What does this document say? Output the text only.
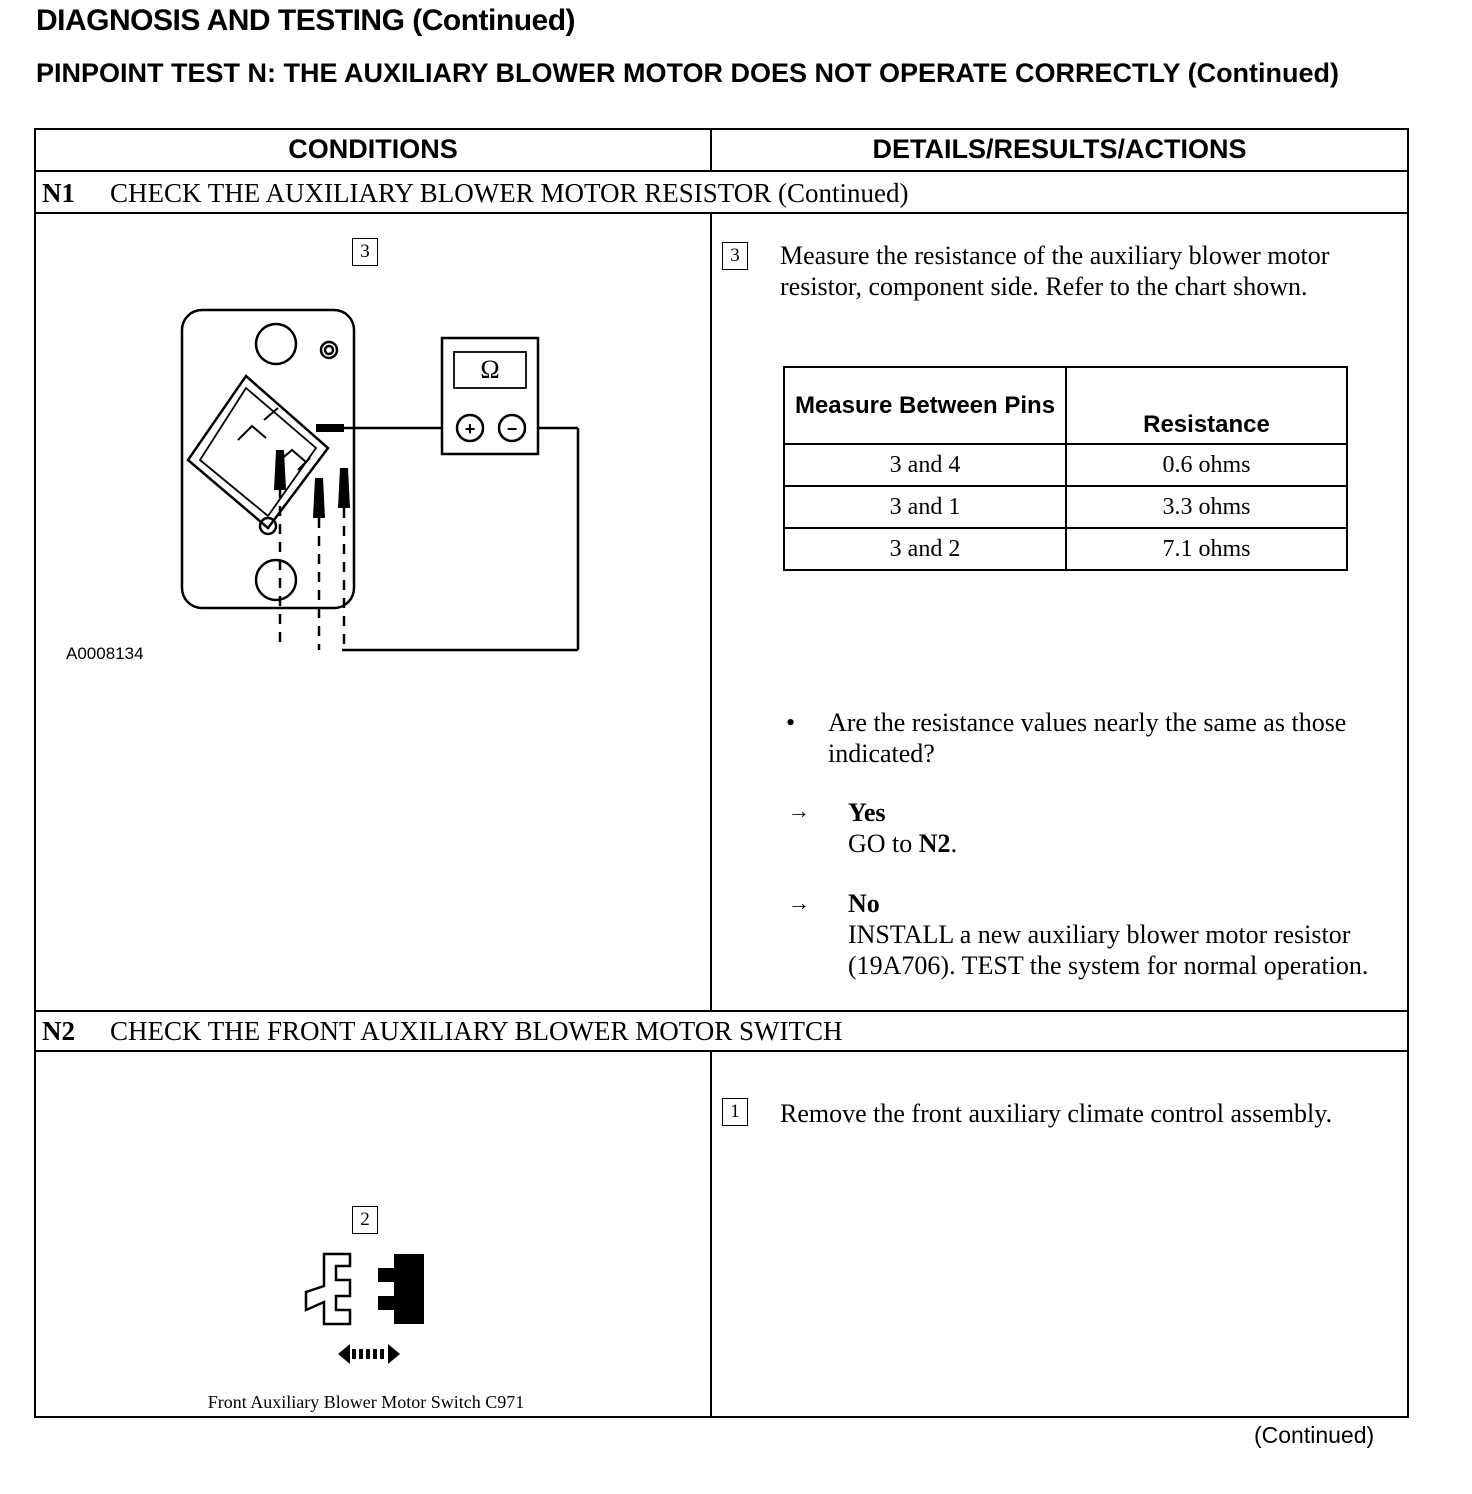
DIAGNOSIS AND TESTING (Continued)
PINPOINT TEST N: THE AUXILIARY BLOWER MOTOR DOES NOT OPERATE CORRECTLY (Continued)
CONDITIONS	DETAILS/RESULTS/ACTIONS
N1 CHECK THE AUXILIARY BLOWER MOTOR RESISTOR (Continued)
3
Ω
+ −
A0008134
3	Measure the resistance of the auxiliary blower motor resistor, component side. Refer to the chart shown.
Measure Between Pins	Resistance
3 and 4	0.6 ohms
3 and 1	3.3 ohms
3 and 2	7.1 ohms
• Are the resistance values nearly the same as those indicated?
→ Yes
GO to N2.
→ No
INSTALL a new auxiliary blower motor resistor (19A706). TEST the system for normal operation.
N2 CHECK THE FRONT AUXILIARY BLOWER MOTOR SWITCH
2
Front Auxiliary Blower Motor Switch C971
1	Remove the front auxiliary climate control assembly.
(Continued)
